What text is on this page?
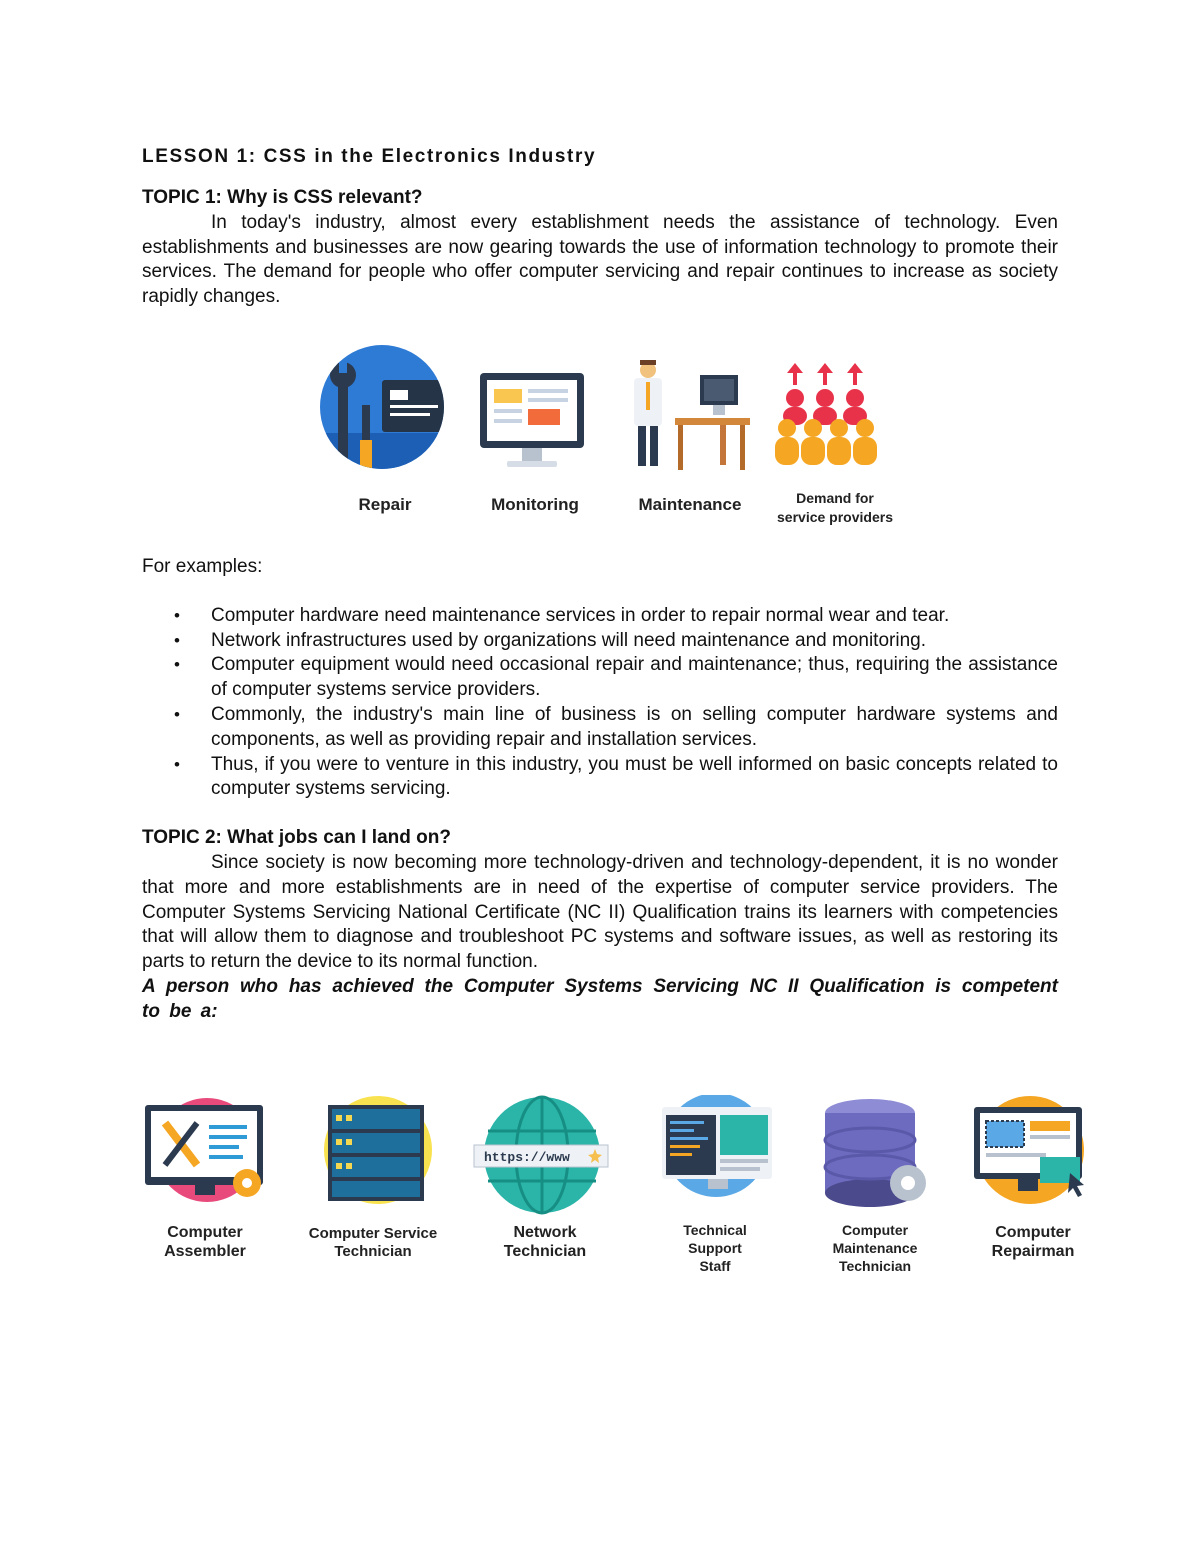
LESSON 1: CSS in the Electronics Industry

TOPIC 1: Why is CSS relevant?

In today's industry, almost every establishment needs the assistance of technology. Even establishments and businesses are now gearing towards the use of information technology to promote their services. The demand for people who offer computer servicing and repair continues to increase as society rapidly changes.

For examples:

• Computer hardware need maintenance services in order to repair normal wear and tear.
• Network infrastructures used by organizations will need maintenance and monitoring.
• Computer equipment would need occasional repair and maintenance; thus, requiring the assistance of computer systems service providers.
• Commonly, the industry's main line of business is on selling computer hardware systems and components, as well as providing repair and installation services.
• Thus, if you were to venture in this industry, you must be well informed on basic concepts related to computer systems servicing.

TOPIC 2: What jobs can I land on?

Since society is now becoming more technology-driven and technology-dependent, it is no wonder that more and more establishments are in need of the expertise of computer service providers. The Computer Systems Servicing National Certificate (NC II) Qualification trains its learners with competencies that will allow them to diagnose and troubleshoot PC systems and software issues, as well as restoring its parts to return the device to its normal function.

A person who has achieved the Computer Systems Servicing NC II Qualification is competent to be a:

Repair	Monitoring	Maintenance	Demand for
service providers
Computer
Assembler
Computer Service
Technician
https://www
Network
Technician
Technical
Support
Staff
Computer
Maintenance
Technician
Computer
Repairman
